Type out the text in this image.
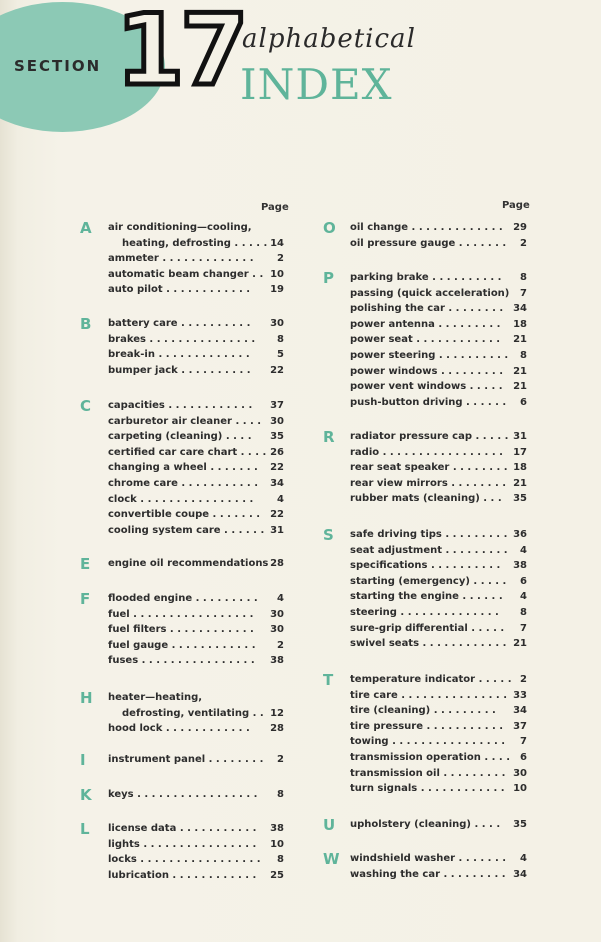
SECTION 17
alphabetical
INDEX
Page	Page
A air conditioning—cooling,
heating, defrosting . . . . . 14
ammeter . . . . . . . . . . . . .	2
automatic beam changer . . 10
auto pilot . . . . . . . . . . . .	19
B battery care . . . . . . . . . .	30
brakes . . . . . . . . . . . . . . .	8
break-in . . . . . . . . . . . . .	5
bumper jack . . . . . . . . . .	22
C capacities . . . . . . . . . . . .	37
carburetor air cleaner . . . . 30
carpeting (cleaning) . . . .	35
certified car care chart . . . . 26
changing a wheel . . . . . . .	22
chrome care . . . . . . . . . . .	34
clock . . . . . . . . . . . . . . . .	4
convertible coupe . . . . . . .	22
cooling system care . . . . . . 31
E engine oil recommendations 28
F flooded engine . . . . . . . . .	4
fuel . . . . . . . . . . . . . . . . .	30
fuel filters . . . . . . . . . . . .	30
fuel gauge . . . . . . . . . . . .	2
fuses . . . . . . . . . . . . . . . .	38
H heater—heating,
defrosting, ventilating . . 12
hood lock . . . . . . . . . . . .	28
I instrument panel . . . . . . . .	2
K keys . . . . . . . . . . . . . . . . .	8
L license data . . . . . . . . . . .	38
lights . . . . . . . . . . . . . . . .	10
locks . . . . . . . . . . . . . . . . .	8
lubrication . . . . . . . . . . . .	25
O oil change . . . . . . . . . . . . .	29
oil pressure gauge . . . . . . .	2
P parking brake . . . . . . . . . .	8
passing (quick acceleration)	7
polishing the car . . . . . . . . 34
power antenna . . . . . . . . .	18
power seat . . . . . . . . . . . .	21
power steering . . . . . . . . . .	8
power windows . . . . . . . . .	21
power vent windows . . . . .	21
push-button driving . . . . . .	6
R radiator pressure cap . . . . . 31
radio . . . . . . . . . . . . . . . . .	17
rear seat speaker . . . . . . . . 18
rear view mirrors . . . . . . . . 21
rubber mats (cleaning) . . .	35
S safe driving tips . . . . . . . . . 36
seat adjustment . . . . . . . . .	4
specifications . . . . . . . . . .	38
starting (emergency) . . . . .	6
starting the engine . . . . . .	4
steering . . . . . . . . . . . . . .	8
sure-grip differential . . . . .	7
swivel seats . . . . . . . . . . . . 21
T temperature indicator . . . . . 2
tire care . . . . . . . . . . . . . . . 33
tire (cleaning) . . . . . . . . .	34
tire pressure . . . . . . . . . . . 37
towing . . . . . . . . . . . . . . . .	7
transmission operation . . . .	6
transmission oil . . . . . . . . . 30
turn signals . . . . . . . . . . . . 10
U upholstery (cleaning) . . . .	35
W windshield washer . . . . . . .	4
washing the car . . . . . . . . . 34
